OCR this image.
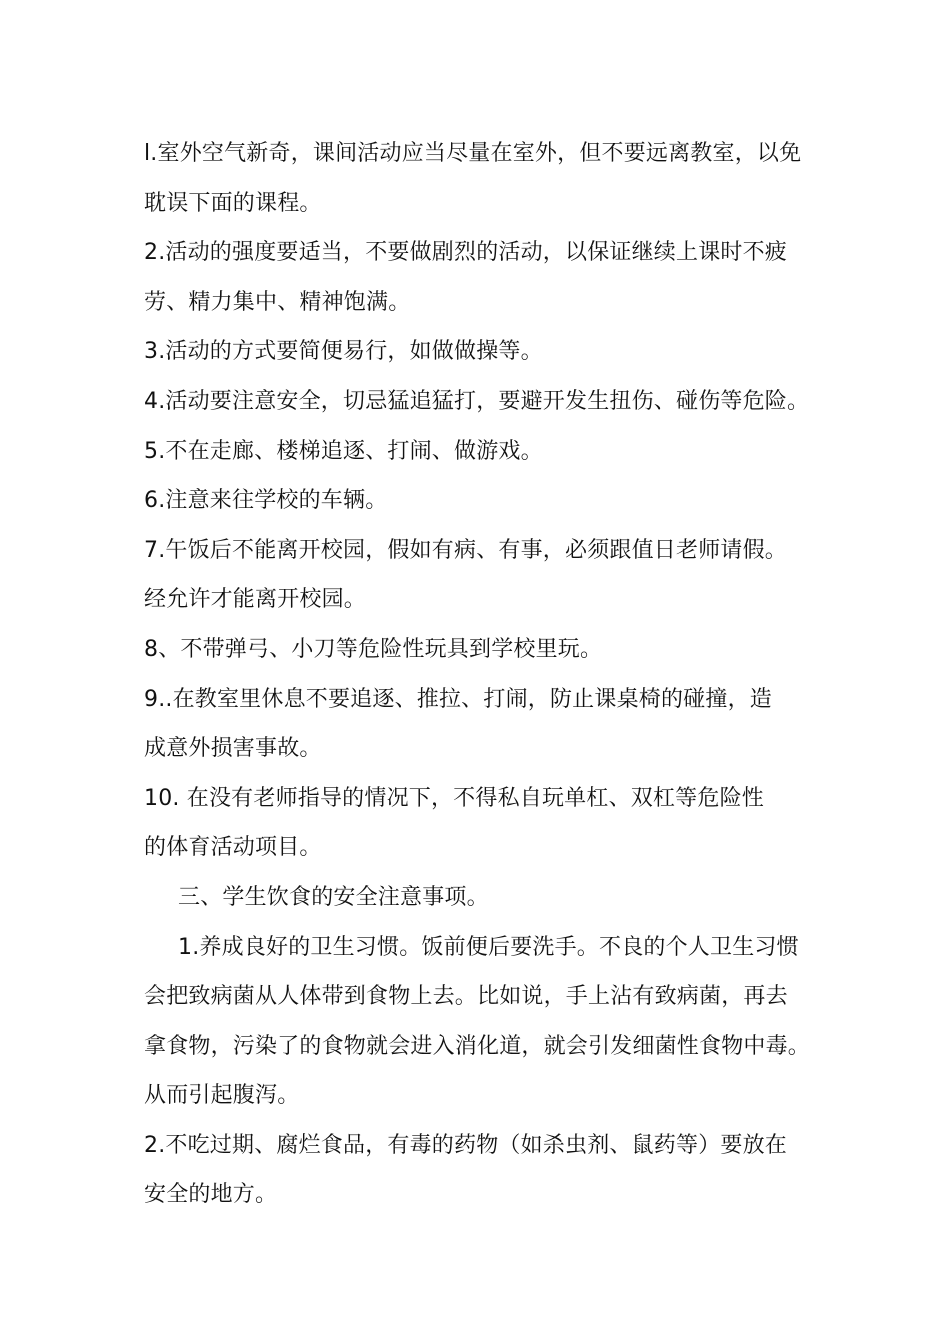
l.室外空气新奇，课间活动应当尽量在室外，但不要远离教室，以免
耽误下面的课程。
2.活动的强度要适当，不要做剧烈的活动，以保证继续上课时不疲
劳、精力集中、精神饱满。
3.活动的方式要简便易行，如做做操等。
4.活动要注意安全，切忌猛追猛打，要避开发生扭伤、碰伤等危险。
5.不在走廊、楼梯追逐、打闹、做游戏。
6.注意来往学校的车辆。
7.午饭后不能离开校园，假如有病、有事，必须跟值日老师请假。
经允许才能离开校园。
8、不带弹弓、小刀等危险性玩具到学校里玩。
9..在教室里休息不要追逐、推拉、打闹，防止课桌椅的碰撞，造
成意外损害事故。
10. 在没有老师指导的情况下，不得私自玩单杠、双杠等危险性
的体育活动项目。
三、学生饮食的安全注意事项。
1.养成良好的卫生习惯。饭前便后要洗手。不良的个人卫生习惯
会把致病菌从人体带到食物上去。比如说，手上沾有致病菌，再去
拿食物，污染了的食物就会进入消化道，就会引发细菌性食物中毒。
从而引起腹泻。
2.不吃过期、腐烂食品，有毒的药物（如杀虫剂、鼠药等）要放在
安全的地方。
